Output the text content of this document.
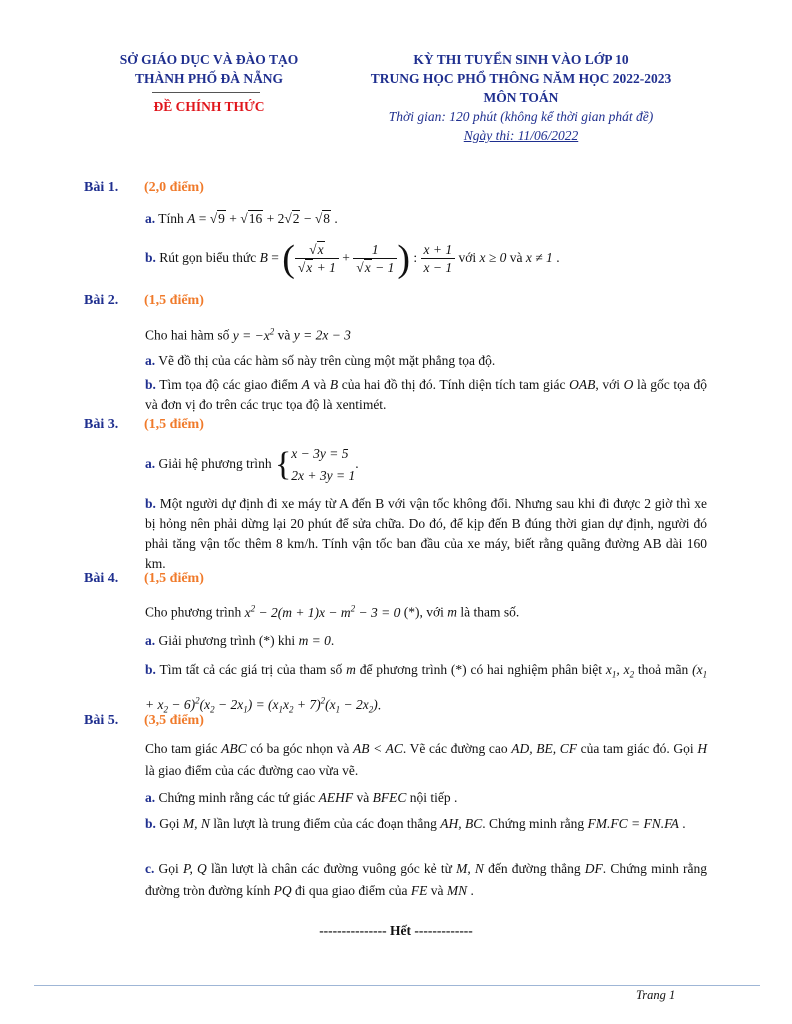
SỞ GIÁO DỤC VÀ ĐÀO TẠO
THÀNH PHỐ ĐÀ NẴNG
ĐỀ CHÍNH THỨC
KỲ THI TUYỂN SINH VÀO LỚP 10
TRUNG HỌC PHỔ THÔNG NĂM HỌC 2022-2023
MÔN TOÁN
Thời gian: 120 phút (không kể thời gian phát đề)
Ngày thi: 11/06/2022
Bài 1. (2,0 điểm)
a. Tính A = √9 + √16 + 2√2 − √8 .
b. Rút gọn biểu thức B = ( $\frac{√x}{√x + 1} + \frac{1}{√x - 1}$ ) : $\frac{x + 1}{x - 1}$ với x ≥ 0 và x ≠ 1 .
Bài 2. (1,5 điểm)
Cho hai hàm số $y = -x^2$ và y = 2x − 3
a. Vẽ đồ thị của các hàm số này trên cùng một mặt phẳng tọa độ.
b. Tìm tọa độ các giao điểm A và B của hai đồ thị đó. Tính diện tích tam giác OAB, với O là gốc tọa độ và đơn vị đo trên các trục tọa độ là xentimét.
Bài 3. (1,5 điểm)
a. Giải hệ phương trình { x − 3y = 5
2x + 3y = 1
.
b. Một người dự định đi xe máy từ A đến B với vận tốc không đổi. Nhưng sau khi đi được 2 giờ thì xe bị hỏng nên phải dừng lại 20 phút để sửa chữa. Do đó, để kịp đến B đúng thời gian dự định, người đó phải tăng vận tốc thêm 8 km/h. Tính vận tốc ban đầu của xe máy, biết rằng quãng đường AB dài 160 km.
Bài 4. (1,5 điểm)
Cho phương trình $x^2 - 2(m + 1)x - m^2 - 3 = 0$ (*), với m là tham số.
a. Giải phương trình (*) khi m = 0.
b. Tìm tất cả các giá trị của tham số m để phương trình (*) có hai nghiệm phân biệt $x_1$, $x_2$ thoả mãn $(x_1 + x_2 - 6)^2(x_2 - 2x_1) = (x_1x_2 + 7)^2(x_1 - 2x_2)$.
Bài 5. (3,5 điểm)
Cho tam giác ABC có ba góc nhọn và AB < AC. Vẽ các đường cao AD, BE, CF của tam giác đó. Gọi H là giao điểm của các đường cao vừa vẽ.
a. Chứng minh rằng các tứ giác AEHF và BFEC nội tiếp .
b. Gọi M, N lần lượt là trung điểm của các đoạn thẳng AH, BC. Chứng minh rằng FM.FC = FN.FA .
c. Gọi P, Q lần lượt là chân các đường vuông góc kẻ từ M, N đến đường thẳng DF. Chứng minh rằng đường tròn đường kính PQ đi qua giao điểm của FE và MN .
--------------- Hết -------------
Trang 1
